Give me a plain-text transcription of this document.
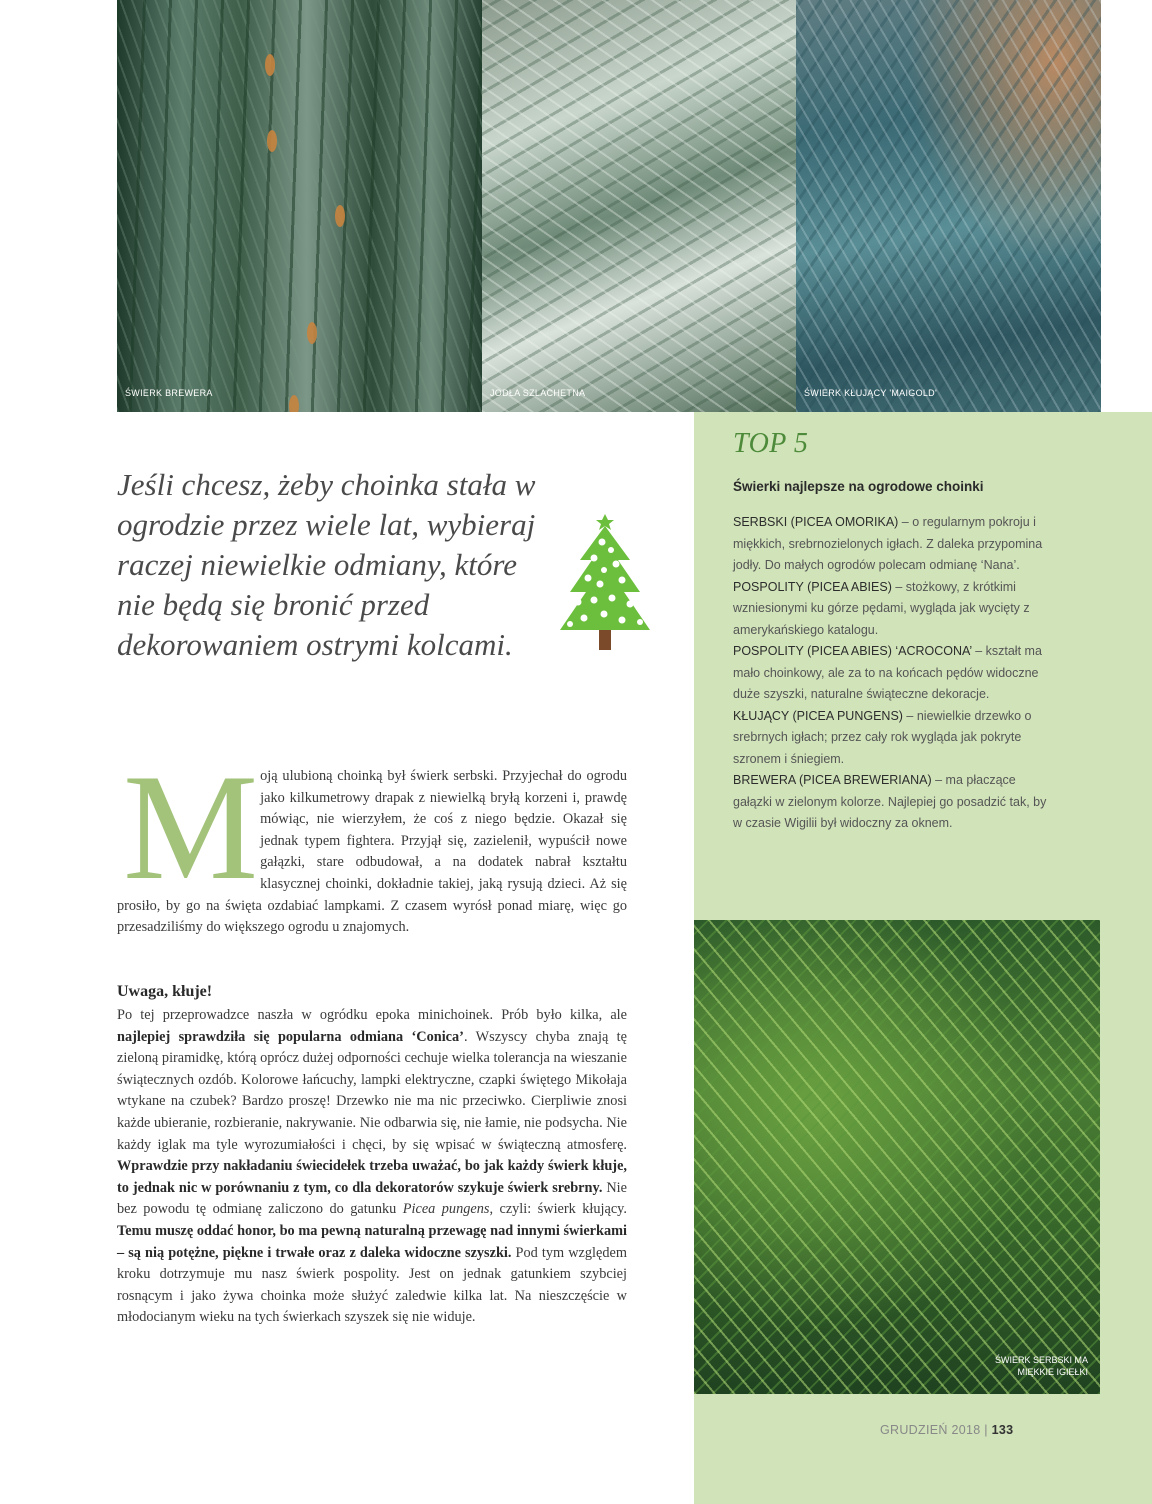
ŚWIERK BREWERA	JODŁA SZLACHETNA	ŚWIERK KŁUJĄCY 'MAIGOLD'
TOP 5
Świerki najlepsze na ogrodowe choinki

SERBSKI (PICEA OMORIKA) – o regularnym pokroju i miękkich, srebrnozielonych igłach. Z daleka przypomina jodły. Do małych ogrodów polecam odmianę ‘Nana’.

POSPOLITY (PICEA ABIES) – stożkowy, z krótkimi wzniesionymi ku górze pędami, wygląda jak wycięty z amerykańskiego katalogu.

POSPOLITY (PICEA ABIES) ‘ACROCONA’ – kształt ma mało choinkowy, ale za to na końcach pędów widoczne duże szyszki, naturalne świąteczne dekoracje.

KŁUJĄCY (PICEA PUNGENS) – niewielkie drzewko o srebrnych igłach; przez cały rok wygląda jak pokryte szronem i śniegiem.

BREWERA (PICEA BREWERIANA) – ma płaczące gałązki w zielonym kolorze. Najlepiej go posadzić tak, by w czasie Wigilii był widoczny za oknem.

ŚWIERK SERBSKI MA
MIĘKKIE IGIEŁKI
GRUDZIEŃ 2018 | 133
Jeśli chcesz, żeby choinka stała w ogrodzie przez wiele lat, wybieraj raczej niewielkie odmiany, które nie będą się bronić przed dekorowaniem ostrymi kolcami.
Moją ulubioną choinką był świerk serbski. Przyjechał do ogrodu jako kilkumetrowy drapak z niewielką bryłą korzeni i, prawdę mówiąc, nie wierzyłem, że coś z niego będzie. Okazał się jednak typem fightera. Przyjął się, zazielenił, wypuścił nowe gałązki, stare odbudował, a na dodatek nabrał kształtu klasycznej choinki, dokładnie takiej, jaką rysują dzieci. Aż się prosiło, by go na święta ozdabiać lampkami. Z czasem wyrósł ponad miarę, więc go przesadziliśmy do większego ogrodu u znajomych.
Uwaga, kłuje!
Po tej przeprowadzce naszła w ogródku epoka minichoinek. Prób było kilka, ale najlepiej sprawdziła się popularna odmiana ‘Conica’. Wszyscy chyba znają tę zieloną piramidkę, którą oprócz dużej odporności cechuje wielka tolerancja na wieszanie świątecznych ozdób. Kolorowe łańcuchy, lampki elektryczne, czapki świętego Mikołaja wtykane na czubek? Bardzo proszę! Drzewko nie ma nic przeciwko. Cierpliwie znosi każde ubieranie, rozbieranie, nakrywanie. Nie odbarwia się, nie łamie, nie podsycha. Nie każdy iglak ma tyle wyrozumiałości i chęci, by się wpisać w świąteczną atmosferę. Wprawdzie przy nakładaniu świecidełek trzeba uważać, bo jak każdy świerk kłuje, to jednak nic w porównaniu z tym, co dla dekoratorów szykuje świerk srebrny. Nie bez powodu tę odmianę zaliczono do gatunku Picea pungens, czyli: świerk kłujący. Temu muszę oddać honor, bo ma pewną naturalną przewagę nad innymi świerkami – są nią potężne, piękne i trwałe oraz z daleka widoczne szyszki. Pod tym względem kroku dotrzymuje mu nasz świerk pospolity. Jest on jednak gatunkiem szybciej rosnącym i jako żywa choinka może służyć zaledwie kilka lat. Na nieszczęście w młodocianym wieku na tych świerkach szyszek się nie widuje.
